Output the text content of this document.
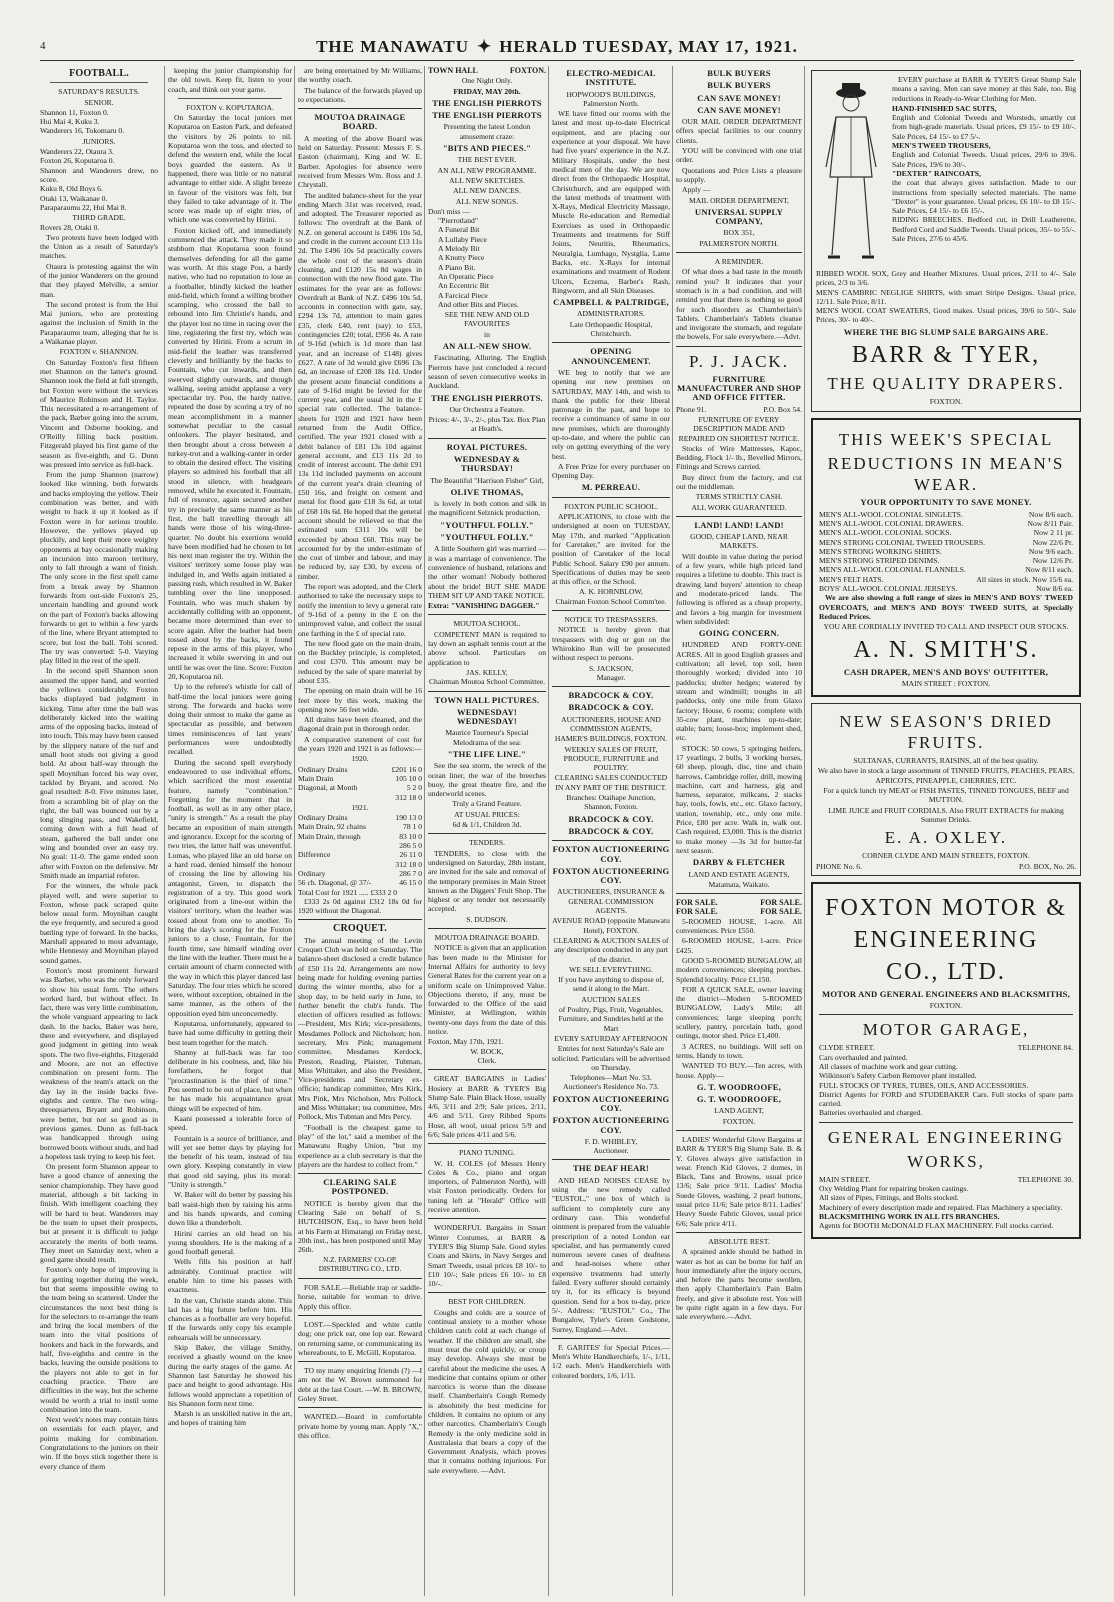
4	THE MANAWATU ✦ HERALD TUESDAY, MAY 17, 1921.
FOOTBALL.
SATURDAY'S RESULTS.
SENIOR.
Shannon 11, Foxton 0.
Hui Mai 4, Kuku 3.
Wanderers 16, Tokomaru 0.
JUNIORS.
Wanderers 22, Otaura 3.
Foxton 26, Koputaroa 0.
Shannon and Wanderers drew, no score.
Kuku 8, Old Boys 6.
Otaki 13, Waikanae 0.
Paraparaumu 22, Hui Mai 8.
THIRD GRADE.
Rovers 28, Otaki 0.

Two protests have been lodged with the Union as a result of Saturday's matches.

Otaura is protesting against the win of the junior Wanderers on the ground that they played Melville, a senior man.

The second protest is from the Hui Mai juniors, who are protesting against the inclusion of Smith in the Paraparaumu team, alleging that he is a Waikanae player.

FOXTON v. SHANNON.

On Saturday Foxton's first fifteen met Shannon on the latter's ground. Shannon took the field at full strength, but Foxton were without the services of Maurice Robinson and H. Taylor. This necessitated a re-arrangement of the pack, Barber going into the scrum, Vincent and Osborne hooking, and O'Reilly filling back position. Fitzgerald played his first game of the season as five-eighth, and G. Dunn was pressed into service as full-back.

From the jump Shannon (narrow) looked like winning, both forwards and backs employing the yellow. Their combination was better, and with weight to back it up it looked as if Foxton were in for serious trouble. However, the yellows played up pluckily, and kept their more weighty opponents at bay occasionally making an incursion into maroon territory, only to fall through a want of finish. The only score in the first spell came from a break away by Shannon forwards from out-side Foxton's 25, uncertain handling and ground work on the part of Foxton's backs allowing forwards to get to within a few yards of the line, where Bryant attempted to score, but lost the ball. Tobi scored. The try was converted: 5-0. Varying play filled in the rest of the spell.

In the second spell Shannon soon assumed the upper hand, and worried the yellows considerably. Foxton backs displayed bad judgment in kicking. Time after time the ball was deliberately kicked into the waiting arms of the opposing backs, instead of into touch. This may have been caused by the slippery nature of the turf and small boot studs not giving a good hold. At about half-way through the spell Moynihan forced his way over, tackled by Bryant, and scored. No goal resulted: 8-0. Five minutes later, from a scrambling bit of play on the right, the ball was bounced out by a long slinging pass, and Wakefield, coming down with a full head of steam, gathered the ball under one wing and bounded over an easy try. No goal: 11-0. The game ended soon after with Foxton on the defensive. Mr Smith made an impartial referee.

For the winners, the whole pack played well, and were superior to Foxton, whose pack scraped quite below usual form. Moynihan caught the eye frequently, and secured a good battling type of forward. In the backs, Marshall appeared to most advantage, while Hennessy and Moynihan played sound games.

Foxton's most prominent forward was Barber, who was the only forward to show his usual form. The others worked hard, but without effect. In fact, there was very little combination, the whole vanguard appearing to lack dash. In the backs, Baker was here, there and everywhere, and displayed good judgment in getting into weak spots. The two five-eighths, Fitzgerald and Moore, are not an effective combination on present form. The weakness of the team's attack on the day lay in the inside backs five-eighths and centre. The two wing-threequarters, Bryant and Robinson, were better, but not so good as in previous games. Dunn as full-back was handicapped through using borrowed boots without studs, and had a hopeless task trying to keep his feet.

On present form Shannon appear to have a good chance of annexing the senior championship. They have good material, although a bit lacking in finish. With intelligent coaching they will be hard to beat. Wanderers may be the team to upset their prospects, but at present it is difficult to judge accurately the merits of both teams. They meet on Saturday next, when a good game should result.

Foxton's only hope of improving is for getting together during the week, but that seems impossible owing to the team being so scattered. Under the circumstances the next best thing is for the selectors to re-arrange the team and bring the local members of the team into the vital positions of hookers and back in the forwards, and half, five-eighths and centre in the backs, leaving the outside positions to the players not able to get in for coaching practice. There are difficulties in the way, but the scheme would be worth a trial to instil some combination into the team.

Next week's notes may contain hints on essentials for each player, and points making for combination. Congratulations to the juniors on their win. If the boys stick together there is every chance of them

keeping the junior championship for the old town. Keep fit, listen to your coach, and think out your game.

FOXTON v. KOPUTAROA.

On Saturday the local juniors met Koputaroa on Easton Park, and defeated the visitors by 26 points to nil. Koputaroa won the toss, and elected to defend the western end, while the local boys guarded the eastern. As it happened, there was little or no natural advantage to either side. A slight breeze in favour of the visitors was felt, but they failed to take advantage of it. The score was made up of eight tries, of which one was converted by Hirini.

Foxton kicked off, and immediately commenced the attack. They made it so stubborn that Koputaroa soon found themselves defending for all the game was worth. At this stage Pou, a hardy native, who had no reputation to lose as a footballer, blindly kicked the leather mid-field, which found a willing brother scamping, who crossed the ball to rebound into Jim Christie's hands, and the player lost no time in racing over the line, registering the first try, which was converted by Hirini. From a scrum in mid-field the leather was transferred cleverly and brilliantly by the backs to Fountain, who cut inwards, and then swerved slightly outwards, and though walking, seeing amidst applause a very spectacular try. Pou, the hardy native, repeated the dose by scoring a try of no mean accomplishment in a manner somewhat peculiar to the casual onlookers. The player hesitated, and then brought about a cross between a turkey-trot and a walking-canter in order to obtain the desired effect. The visiting players so admired his football that all stood in silence, with headgears removed, while he executed it. Fountain, full of resource, again secured another try in precisely the same manner as his first, the ball travelling through all hands were those of his wing-three-quarter. No doubt his exertions would have been modified had he chosen to let his next man register the try. Within the visitors' territory some loose play was indulged in, and Wells again initiated a passing rush, which resulted in W. Baker tumbling over the line unopposed. Fountain, who was much shaken by accidentally colliding with an opponent, became more determined than ever to score again. After the leather had been tossed about by the backs, it found repose in the arms of this player, who increased it while swerving in and out until he was over the line. Score: Foxton 20, Koputaroa nil.

Up to the referee's whistle for call of half-time the local juniors were going strong. The forwards and backs were doing their utmost to make the game as spectacular as possible, and between times reminiscences of last years' performances were undoubtedly recalled.

During the second spell everybody endeavoured to use individual efforts, which sacrificed the most essential feature, namely "combination." Forgetting for the moment that in football, as well as in any other place, "unity is strength." As a result the play became an exposition of main strength and ignorance. Except for the scoring of two tries, the latter half was uneventful. Lomas, who played like an old horse on a hard road, denied himself the honour of crossing the line by allowing his antagonist, Green, to dispatch the registration of a try. This good work originated from a line-out within the visitors' territory, when the leather was tossed about from one to another. To bring the day's scoring for the Foxton juniors to a close, Fountain, for the fourth time, saw himself winding over the line with the leather. There must be a certain amount of charm connected with the way in which this player danced last Saturday. The four tries which he scored were, without exception, obtained in the same manner, as the others of the opposition eyed him unconcernedly.

Koputaroa, unfortunately, appeared to have had some difficulty in getting their best team together for the match.

Shanny at full-back was far too deliberate in his coolness, and, like his forefathers, he forgot that "procrastination is the thief of time." Pou seemed to be out of place, but when he has made his acquaintance great things will be expected of him.

Kaani possessed a tolerable force of speed.

Fountain is a source of brilliance, and will yet see better days by playing for the benefit of his team, instead of his own glory. Keeping constantly in view that good old saying, plus its moral: "Unity is strength."

W. Baker will do better by passing his ball waist-high then by raising his arms and his hands upwards, and coming down like a thunderbolt.

Hirini carries an old head on his young shoulders. He is the making of a good football general.

Wells fills his position at half admirably. Continual practice will enable him to time his passes with exactness.

In the van, Christie stands alone. This lad has a big future before him. His chances as a footballer are very hopeful. If the forwards only copy his example rehearsals will be unnecessary.

Skip Baker, the village Smithy, received a ghastly wound on the knee during the early stages of the game. At Shannon last Saturday he showed his pace and height to good advantage. His fellows would appreciate a repetition of his Shannon form next time.

Marsh is an unskilled native in the art, and hopes of training him

are being entertained by Mr Williams, the worthy coach.

The balance of the forwards played up to expectations.

MOUTOA DRAINAGE BOARD.

A meeting of the above Board was held on Saturday. Present: Messrs F. S. Easton (chairman), King and W. E. Barber. Apologies for absence were received from Messrs Wm. Ross and J. Chrystall.

The audited balance-sheet for the year ending March 31st was received, read, and adopted. The Treasurer reported as follows: The overdraft at the Bank of N.Z. on general account is £496 10s 5d, and credit in the current account £13 11s 2d. The £496 10s 5d practically covers the whole cost of the season's drain cleaning, and £120 15s 8d wages in connection with the new flood gate. The estimates for the year are as follows: Overdraft at Bank of N.Z. £496 10s 5d, accounts in connection with gate, say, £294 13s 7d, attention to main gates £35, clerk £40, rent (say) to £53, contingencies £20; total, £956 4s. A rate of 9-16d (which is 1d more than last year, and an increase of £148) gives £627. A rate of 3d would give £696 13s 6d, an increase of £208 18s 11d. Under the present acute financial conditions a rate of 9-16d might be levied for the current year, and the usual 3d in the £ special rate collected. The balance-sheets for 1920 and 1921 have been returned from the Audit Office, certified. The year 1921 closed with a debit balance of £81 13s 10d against general account, and £13 11s 2d to credit of interest account. The debit £91 13s 11d included payments on account of the current year's drain cleaning of £50 16s, and freight on cement and metal for flood gate £18 3s 6d, at total of £68 10s 6d. He hoped that the general account should be relieved so that the estimated sum £311 10s will be exceeded by about £60. This may be accounted for by the under-estimate of the cost of timber and labour, and may be reduced by, say £30, by excess of timber.

The report was adopted, and the Clerk authorised to take the necessary steps to notify the intention to levy a general rate of 9-16d of a penny in the £ on the unimproved value, and collect the usual one farthing in the £ of special rate.

The new flood gate on the main drain, on the Buckley principle, is completed, and cost £370. This amount may be reduced by the sale of spare material by about £35.

The opening on main drain will be 16 feet more by this work, making the opening now 56 feet wide.

All drains have been cleaned, and the diagonal drain put in thorough order.

A comparative statement of cost for the years 1920 and 1921 is as follows:—

1920.
Ordinary Drains	£201 16 0
Main Drain	105 10 0
Diagonal, at Month	5 2 0
312 18 0
1921.
Ordinary Drains	190 13 0
Main Drain, 92 chains	78 1 0
Main Drain, through	83 10 0
286 5 0
Difference	26 11 0
312 18 0
Ordinary	286 7 0
56 ch. Diagonal, @ 37/-	46 15 0
Total Cost for 1921 ..... £333 2 0

£333 2s 0d against £312 18s 0d for 1920 without the Diagonal.

CROQUET.

The annual meeting of the Levin Croquet Club was held on Saturday. The balance-sheet disclosed a credit balance of £50 11s 2d. Arrangements are now being made for holding evening parties during the winter months, also for a shop day, to be held early in June, to further benefit the club's funds. The election of officers resulted as follows:—President, Mrs Kirk; vice-presidents, Mesdames Pollock and Nicholson; hon. secretary, Mrs Pink; management committee, Mesdames Kerdock, Preston, Reading, Plaister, Tubman, Miss Whittaker, and also the President, Vice-presidents and Secretary ex-officio; handicap committee, Mrs Kirk, Mrs Pink, Mrs Nicholson, Mrs Pollock and Miss Whittaker; tea committee, Mrs Pollock, Mrs Tubman and Mrs Percy.

"Football is the cheapest game to play" of the lot," said a member of the Manawatu Rugby Union, "but my experience as a club secretary is that the players are the hardest to collect from."

CLEARING SALE POSTPONED.

NOTICE is hereby given that the Clearing Sale on behalf of S. HUTCHISON, Esq., to have been held at his Farm at Himatangi on Friday next, 20th inst., has been postponed until May 26th.

N.Z. FARMERS' CO-OP. DISTRIBUTING CO., LTD.

FOR SALE.—Reliable trap or saddle-horse, suitable for woman to drive. Apply this office.

LOST.—Speckled and white cattle dog; one prick ear, one lop ear. Reward on returning same, or communicating its whereabouts, to E. McGill, Koputaroa.

TO my many enquiring friends (?) —I am not the W. Brown summoned for debt at the last Court. —W. B. BROWN, Goley Street.

WANTED.—Board in comfortable private home by young man. Apply "X," this office.

TOWN HALL	FOXTON.
One Night Only.
FRIDAY, MAY 20th.
THE ENGLISH PIERROTS
THE ENGLISH PIERROTS
Presenting the latest London amusement craze:
"BITS AND PIECES."
THE BEST EVER.
AN ALL NEW PROGRAMME.
ALL NEW SKETCHES.
ALL NEW DANCES.
ALL NEW SONGS.
Don't miss —
"Pierrotland"
A Funeral Bit
A Lullaby Piece
A Melody Bit
A Knutty Piece
A Piano Bit.
An Operatic Piece
An Eccentric Bit
A Farcical Piece
And other Bits and Pieces.
SEE THE NEW AND OLD FAVOURITES
in
AN ALL-NEW SHOW.

Fascinating, Alluring. The English Pierrots have just concluded a record season of seven consecutive weeks in Auckland.

THE ENGLISH PIERROTS.
Our Orchestra a Feature.
Prices: 4/-, 3/-, 2/-, plus Tax. Box Plan at Heath's.
ROYAL PICTURES.
WEDNESDAY & THURSDAY!
The Beautiful "Harrison Fisher" Girl,
OLIVE THOMAS,

is lovely in both cotton and silk in the magnificent Selznick production,

"YOUTHFUL FOLLY."
"YOUTHFUL FOLLY."

A little Southern girl was married —it was a marriage of convenience. The convenience of husband, relations and the other woman! Nobody bothered about the bride! BUT SHE MADE THEM SIT UP AND TAKE NOTICE.

Extra: "VANISHING DAGGER."
MOUTOA SCHOOL.

COMPETENT MAN is required to lay down an asphalt tennis court at the above school. Particulars on application to

JAS. KELLY,
Chairman Moutoa School Committee.
TOWN HALL PICTURES.
WEDNESDAY! WEDNESDAY!
Maurice Tourneur's Special Melodrama of the sea:
"THE LIFE LINE."

See the sea storm, the wreck of the ocean liner, the war of the breeches buoy, the great theatre fire, and the underworld scenes.

Truly a Grand Feature.
AT USUAL PRICES:
6d & 1/1, Children 3d.
TENDERS.

TENDERS, to close with the undersigned on Saturday, 28th instant, are invited for the sale and removal of the temporary premises in Main Street known as the Diggers' Fruit Shop. The highest or any tender not necessarily accepted.

S. DUDSON.
MOUTOA DRAINAGE BOARD.

NOTICE is given that an application has been made to the Minister for Internal Affairs for authority to levy General Rates for the current year on a uniform scale on Unimproved Value. Objections thereto, if any, must be forwarded to the Office of the said Minister, at Wellington, within twenty-one days from the date of this notice.

Foxton, May 17th, 1921.
W. BOCK,
Clerk.

GREAT BARGAINS in Ladies' Hosiery at BARR & TYER'S Big Slump Sale. Plain Black Hose, usually 4/6, 3/11 and 2/9; Sale prices, 2/11, 4/6 and 5/11. Grey Ribbed Sports Hose, all wool, usual prices 5/9 and 6/6; Sale prices 4/11 and 5/6.

PIANO TUNING.

W. H. COLES (of Messrs Henry Coles & Co., piano and organ importers, of Palmerston North), will visit Foxton periodically. Orders for tuning left at "Herald" Office will receive attention.

WONDERFUL Bargains in Smart Winter Costumes, at BARR & TYER'S Big Slump Sale. Good styles Coats and Skirts, in Navy Serges and Smart Tweeds, usual prices £8 10/- to £10 10/-; Sale prices £6 10/- to £8 10/-.

BEST FOR CHILDREN.

Coughs and colds are a source of continual anxiety to a mother whose children catch cold at each change of weather. If the children are small, she must treat the cold quickly, or croup may develop. Always she must be careful about the medicine she uses. A medicine that contains opium or other narcotics is worse than the disease itself. Chamberlain's Cough Remedy is absolutely the best medicine for children. It contains no opium or any other narcotics. Chamberlain's Cough Remedy is the only medicine sold in Australasia that bears a copy of the Government Analysis, which proves that it contains nothing injurious. For sale everywhere. —Advt.

ELECTRO-MEDICAL INSTITUTE.
HOPWOOD'S BUILDINGS, Palmerston North.

WE have fitted our rooms with the latest and most up-to-date Electrical equipment, and are placing our experience at your disposal. We have had five years' experience in the N.Z. Military Hospitals, under the best medical men of the day. We are now direct from the Orthopaedic Hospital, Christchurch, and are equipped with the latest methods of treatment with X-Rays, Medical Electricity Massage, Muscle Re-education and Remedial Exercises as used in Orthopaedic Treatments and treatments for Stiff Joints, Neuritis, Rheumatics, Neuralgia, Lumbago, Nystglia, Lame Backs, etc. X-Rays for internal examinations and treatment of Rodent Ulcers, Eczema, Barber's Rash, Ringworm, and all Skin Diseases.

CAMPBELL & PALTRIDGE,
ADMINISTRATORS.
Late Orthopaedic Hospital, Christchurch.
OPENING ANNOUNCEMENT.

WE beg to notify that we are opening our new premises on SATURDAY, MAY 14th, and wish to thank the public for their liberal patronage in the past, and hope to receive a continuance of same in our new premises, which are thoroughly up-to-date, and where the public can rely on getting everything of the very best.

A Free Prize for every purchaser on Opening Day.

M. PERREAU.
FOXTON PUBLIC SCHOOL.

APPLICATIONS, to close with the undersigned at noon on TUESDAY, May 17th, and marked "Application for Caretaker," are invited for the position of Caretaker of the local Public School. Salary £90 per annum. Specifications of duties may be seen at this office, or the School.

A. K. HORNBLOW,
Chairman Foxton School Comm'tee.
NOTICE TO TRESPASSERS.

NOTICE is hereby given that trespassers with dog or gun on the Whirokino Run will be prosecuted without respect to persons.

S. JACKSON,
Manager.
BRADCOCK & COY.
BRADCOCK & COY.
AUCTIONEERS, HOUSE AND COMMISSION AGENTS,
HAMER'S BUILDINGS, FOXTON.
WEEKLY SALES OF FRUIT, PRODUCE, FURNITURE and POULTRY.
CLEARING SALES CONDUCTED IN ANY PART OF THE DISTRICT.
Branches: Otaihape Junction, Shannon, Foxton.
BRADCOCK & COY.
BRADCOCK & COY.
FOXTON AUCTIONEERING COY.
FOXTON AUCTIONEERING COY.
AUCTIONEERS, INSURANCE & GENERAL COMMISSION AGENTS.
AVENUE ROAD (opposite Manawatu Hotel), FOXTON.
CLEARING & AUCTION SALES of any description conducted in any part of the district.
WE SELL EVERYTHING.
If you have anything to dispose of, send it along to the Mart.
AUCTION SALES
of Poultry, Pigs, Fruit, Vegetables, Furniture, and Sundries held at the Mart
EVERY SATURDAY AFTERNOON
Entries for next Saturday's Sale are solicited. Particulars will be advertised on Thursday.
Telephones—Mart No. 53. Auctioneer's Residence No. 73.
FOXTON AUCTIONEERING COY.
FOXTON AUCTIONEERING COY.
F. D. WHIBLEY,
Auctioneer.
THE DEAF HEAR!

AND HEAD NOISES CEASE by using the new remedy called "EUSTOL," one box of which is sufficient to completely cure any ordinary case. This wonderful ointment is prepared from the valuable prescription of a noted London ear specialist, and has permanently cured numerous severe cases of deafness and head-noises where other expensive treatments had utterly failed. Every sufferer should certainly try it, for its efficacy is beyond question. Send for a box to-day, price 5/-. Address: "EUSTOL" Co., The Bungalow, Tyler's Green Godstone, Surrey, England.—Advt.

F. GARITES' for Special Prices.—Men's White Handkerchiefs, 1/-, 1/11, 1/2 each. Men's Handkerchiefs with coloured borders, 1/6, 1/11.

BULK BUYERS
BULK BUYERS
CAN SAVE MONEY!
CAN SAVE MONEY!

OUR MAIL ORDER DEPARTMENT offers special facilities to our country clients.

YOU will be convinced with one trial order.

Quotations and Price Lists a pleasure to supply.

Apply —

MAIL ORDER DEPARTMENT,
UNIVERSAL SUPPLY COMPANY,
BOX 351,
PALMERSTON NORTH.
A REMINDER.

Of what does a bad taste in the mouth remind you? It indicates that your stomach is in a bad condition, and will remind you that there is nothing so good for such disorders as Chamberlain's Tablets. Chamberlain's Tablets cleanse and invigorate the stomach, and regulate the bowels. For sale everywhere.—Advt.

P. J. JACK.
FURNITURE MANUFACTURER AND SHOP AND OFFICE FITTER.
Phone 91.	P.O. Box 54.
FURNITURE OF EVERY DESCRIPTION MADE AND REPAIRED ON SHORTEST NOTICE.

Stocks of Wire Mattresses, Kapoc, Bedding, Flock 1/- lb., Bevelled Mirrors, Fittings and Screws carried.

Buy direct from the factory, and cut out the middleman.

TERMS STRICTLY CASH.
ALL WORK GUARANTEED.
LAND! LAND! LAND!
GOOD, CHEAP LAND, NEAR MARKETS.

Will double in value during the period of a few years, while high priced land requires a lifetime to double. This tract is drawing land buyers' attention to cheap and moderate-priced lands. The following is offered as a cheap property, and favors a big margin for investment when subdivided:

GOING CONCERN.

HUNDRED AND FORTY-ONE ACRES. All in good English grasses and cultivation; all level, top soil, been thoroughly worked; divided into 10 paddocks; shelter hedges; watered by stream and windmill; troughs in all paddocks, only one mile from Glaxo factory; House, 6 rooms; complete with 35-cow plant, machines up-to-date; stable; barn; loose-box; implement shed, etc.

STOCK: 50 cows, 5 springing heifers, 17 yearlings, 2 bulls, 3 working horses, 60 sheep, plough, disc, tine and chain harrows, Cambridge roller, drill, mowing machine, cart and harness, gig and harness, separator, milkcans, 2 stacks hay, tools, fowls, etc., etc. Glaxo factory, station, township, etc., only one mile. Price, £80 per acre. Walk in, walk out. Cash required, £3,000. This is the district to make money —3s 3d for butter-fat next season.

DARBY & FLETCHER
LAND AND ESTATE AGENTS,
Matamata, Waikato.
FOR SALE.	FOR SALE.
FOR SALE.	FOR SALE.

5-ROOMED HOUSE, 1-acre. All conveniences. Price £550.

6-ROOMED HOUSE, 1-acre. Price £425.

GOOD 5-ROOMED BUNGALOW, all modern conveniences; sleeping porches. Splendid locality. Price £1,150.

FOR A QUICK SALE, owner leaving the district—Modern 5-ROOMED BUNGALOW, Lady's Mile; all conveniences; large sleeping porch; scullery, pantry, porcelain bath, good outings, motor shed. Price £1,400.

3 ACRES, no buildings. Will sell on terms. Handy to town.

WANTED TO BUY.—Ten acres, with house. Apply—

G. T. WOODROOFE,
G. T. WOODROOFE,
LAND AGENT,
FOXTON.

LADIES' Wonderful Glove Bargains at BARR & TYER'S Big Slump Sale. B. & Y. Gloves always give satisfaction in wear. French Kid Gloves, 2 domes, in Black, Tans and Browns, usual price 13/6; Sale price 9/11. Ladies' Mocha Suede Gloves, washing, 2 pearl buttons, usual price 11/6; Sale price 8/11. Ladies' Heavy Suede Fabric Gloves, usual price 6/6; Sale price 4/11.

ABSOLUTE REST.

A sprained ankle should be bathed in water as hot as can be borne for half an hour immediately after the injury occurs, and before the parts become swollen, then apply Chamberlain's Pain Balm freely, and give it absolute rest. You will be quite right again in a few days. For sale everywhere.—Advt.

EVERY purchase at BARR & TYER'S Great Slump Sale means a saving. Men can save money at this Sale, too. Big reductions in Ready-to-Wear Clothing for Men.

HAND-FINISHED SAC SUITS,
English and Colonial Tweeds and Worsteds, smartly cut from high-grade materials. Usual prices, £9 15/- to £9 10/-. Sale Prices, £4 15/- to £7 5/-.
MEN'S TWEED TROUSERS,
English and Colonial Tweeds. Usual prices, 29/6 to 39/6. Sale Prices, 19/6 to 30/-.
"DEXTER" RAINCOATS,
the coat that always gives satisfaction. Made to our instructions from specially selected materials. The name "Dexter" is your guarantee. Usual prices, £6 10/- to £8 15/-. Sale Prices, £4 15/- to £6 15/-.
RIDING BREECHES. Bedford cut, in Drill Leatherette, Bedford Cord and Saddle Tweeds. Usual prices, 35/- to 55/-. Sale Prices, 27/6 to 45/6.
RIBBED WOOL SOX, Grey and Heather Mixtures. Usual prices, 2/11 to 4/-. Sale prices, 2/3 to 3/6.
MEN'S CAMBRIC NEGLIGE SHIRTS, with smart Stripe Designs. Usual price, 12/11. Sale Price, 8/11.
MEN'S WOOL COAT SWEATERS, Good makes. Usual prices, 39/6 to 50/-. Sale Prices, 30/- to 40/-.
WHERE THE BIG SLUMP SALE BARGAINS ARE.
BARR & TYER,
THE QUALITY DRAPERS.
FOXTON.
THIS WEEK'S SPECIAL
REDUCTIONS IN MEAN'S WEAR.
YOUR OPPORTUNITY TO SAVE MONEY.
MEN'S ALL-WOOL COLONIAL SINGLETS.	Now 8/6 each.
MEN'S ALL-WOOL COLONIAL DRAWERS.	Now 8/11 Pair.
MEN'S ALL-WOOL COLONIAL SOCKS.	Now 2 11 pr.
MEN'S STRONG COLONIAL TWEED TROUSERS.	Now 22/6 Pr.
MEN'S STRONG WORKING SHIRTS.	Now 9/6 each.
MEN'S STRONG STRIPED DENIMS.	Now 12/6 Pr.
MEN'S ALL-WOOL COLONIAL FLANNELS.	Now 8/11 each.
MEN'S FELT HATS.	All sizes in stock. Now 15/6 ea.
BOYS' ALL-WOOL COLONIAL JERSEYS.	Now 8/6 ea.

We are also showing a full range of sizes in MEN'S AND BOYS' TWEED OVERCOATS, and MEN'S AND BOYS' TWEED SUITS, at Specially Reduced Prices.

YOU ARE CORDIALLY INVITED TO CALL AND INSPECT OUR STOCKS.
A. N. SMITH'S.
CASH DRAPER, MEN'S AND BOYS' OUTFITTER,
MAIN STREET : FOXTON.
NEW SEASON'S DRIED FRUITS.
SULTANAS, CURRANTS, RAISINS, all of the best quality.
We also have in stock a large assortment of TINNED FRUITS, PEACHES, PEARS, APRICOTS, PINEAPPLE, CHERRIES, ETC.
For a quick lunch try MEAT or FISH PASTES, TINNED TONGUES, BEEF and MUTTON.
LIME JUICE and FRUIT CORDIALS. Also FRUIT EXTRACTS for making Summer Drinks.
E. A. OXLEY.
CORNER CLYDE AND MAIN STREETS, FOXTON.
PHONE No. 6.	P.O. BOX, No. 26.
FOXTON MOTOR &
ENGINEERING
CO., LTD.
MOTOR AND GENERAL ENGINEERS AND BLACKSMITHS,
FOXTON.
MOTOR GARAGE,
CLYDE STREET.	TELEPHONE 84.
Cars overhauled and painted.
All classes of machine work and gear cutting.
Wilkinson's Safety Carbon Remover plant installed.
FULL STOCKS OF TYRES, TUBES, OILS, AND ACCESSORIES.
District Agents for FORD and STUDEBAKER Cars. Full stocks of spare parts carried.
Batteries overhauled and charged.
GENERAL ENGINEERING
WORKS,
MAIN STREET.	TELEPHONE 30.
Oxy Welding Plant for repairing broken castings.
All sizes of Pipes, Fittings, and Bolts stocked.
Machinery of every description made and repaired. Flax Machinery a speciality.
BLACKSMITHING WORK IN ALL ITS BRANCHES.
Agents for BOOTH McDONALD FLAX MACHINERY. Full stocks carried.
